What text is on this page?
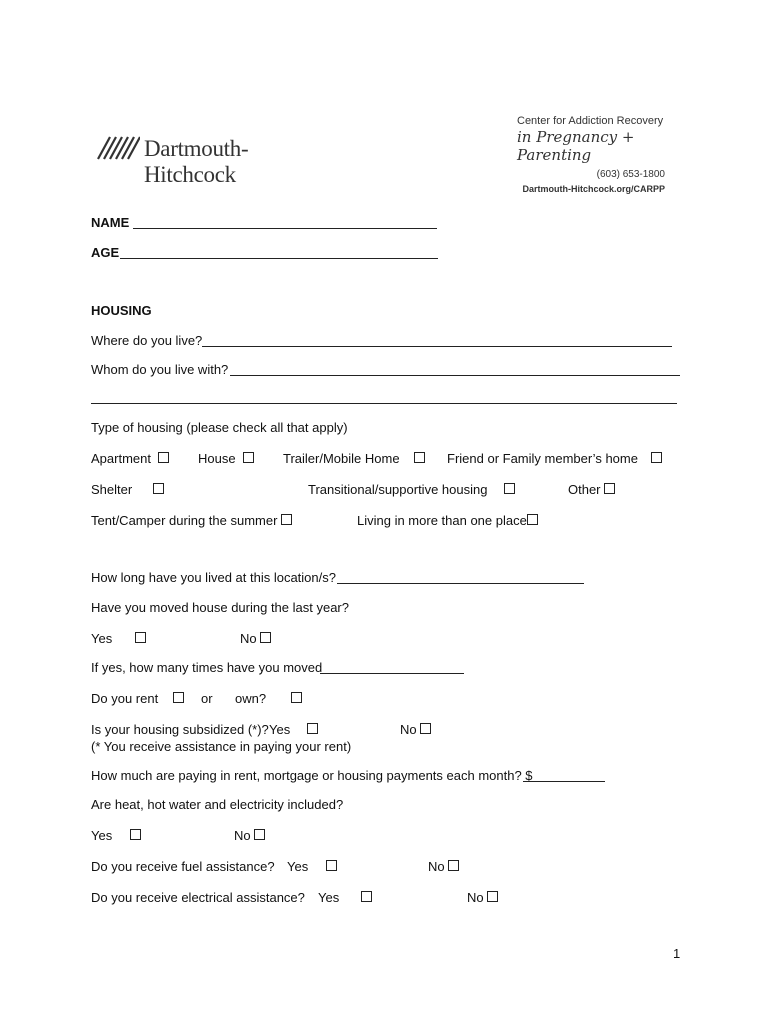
Dartmouth-Hitchcock
Center for Addiction Recovery
in Pregnancy + Parenting
(603) 653-1800
Dartmouth-Hitchcock.org/CARPP
NAME
AGE
HOUSING
Where do you live?
Whom do you live with?
Type of housing (please check all that apply)
Apartment	House	Trailer/Mobile Home	Friend or Family member’s home
Shelter	Transitional/supportive housing	Other
Tent/Camper during the summer	Living in more than one place
How long have you lived at this location/s?
Have you moved house during the last year?
Yes	No
If yes, how many times have you moved
Do you rent	or own?
Is your housing subsidized (*)? Yes	No
(* You receive assistance in paying your rent)
How much are paying in rent, mortgage or housing payments each month? $
Are heat, hot water and electricity included?
Yes	No
Do you receive fuel assistance? Yes	No
Do you receive electrical assistance? Yes	No
1
